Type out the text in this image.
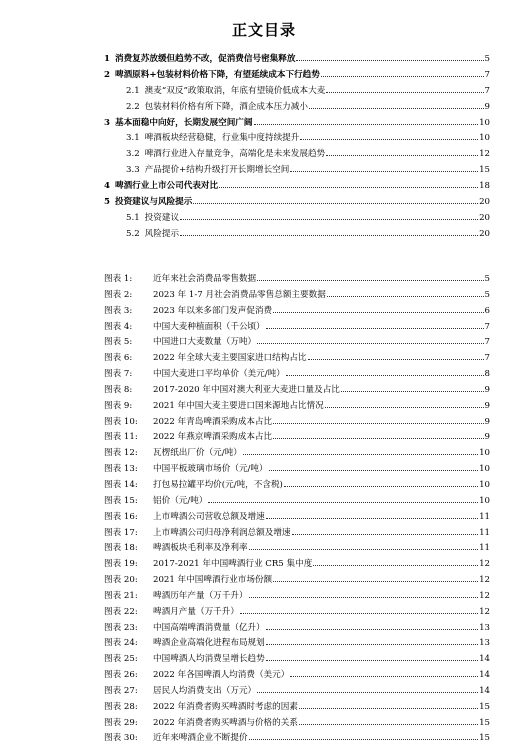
正文目录
1 消费复苏放缓但趋势不改，促消费信号密集释放	5
2 啤酒原料+包装材料价格下降，有望延续成本下行趋势	7
2.1 澳麦“双反”政策取消，年底有望镜价低成本大麦	7
2.2 包装材料价格有所下降，酒企成本压力减小	9
3 基本面稳中向好，长期发展空间广阔	10
3.1 啤酒板块经营稳健，行业集中度持续提升	10
3.2 啤酒行业进入存量竞争，高端化是未来发展趋势	12
3.3 产品提价+结构升级打开长期增长空间	15
4 啤酒行业上市公司代表对比	18
5 投资建议与风险提示	20
5.1 投资建议	20
5.2 风险提示	20
图表 1:	近年来社会消费品零售数据	5
图表 2:	2023 年 1-7 月社会消费品零售总额主要数据	5
图表 3:	2023 年以来多部门发声促消费	6
图表 4:	中国大麦种植面积（千公顷）	7
图表 5:	中国进口大麦数量（万吨）	7
图表 6:	2022 年全球大麦主要国家进口结构占比	7
图表 7:	中国大麦进口平均单价（美元/吨）	8
图表 8:	2017-2020 年中国对澳大利亚大麦进口量及占比	9
图表 9:	2021 年中国大麦主要进口国来源地占比情况	9
图表 10:	2022 年青岛啤酒采购成本占比	9
图表 11:	2022 年燕京啤酒采购成本占比	9
图表 12:	瓦楞纸出厂价（元/吨）	10
图表 13:	中国平板玻璃市场价（元/吨）	10
图表 14:	打包易拉罐平均价(元/吨，不含税)	10
图表 15:	铝价（元/吨）	10
图表 16:	上市啤酒公司营收总额及增速	11
图表 17:	上市啤酒公司归母净利润总额及增速	11
图表 18:	啤酒板块毛利率及净利率	11
图表 19:	2017-2021 年中国啤酒行业 CR5 集中度	12
图表 20:	2021 年中国啤酒行业市场份额	12
图表 21:	啤酒历年产量（万千升）	12
图表 22:	啤酒月产量（万千升）	12
图表 23:	中国高端啤酒消费量（亿升）	13
图表 24:	啤酒企业高端化进程布局规划	13
图表 25:	中国啤酒人均消费呈增长趋势	14
图表 26:	2022 年各国啤酒人均消费（美元）	14
图表 27:	居民人均消费支出（万元）	14
图表 28:	2022 年消费者购买啤酒时考虑的因素	15
图表 29:	2022 年消费者购买啤酒与价格的关系	15
图表 30:	近年来啤酒企业不断提价	15
